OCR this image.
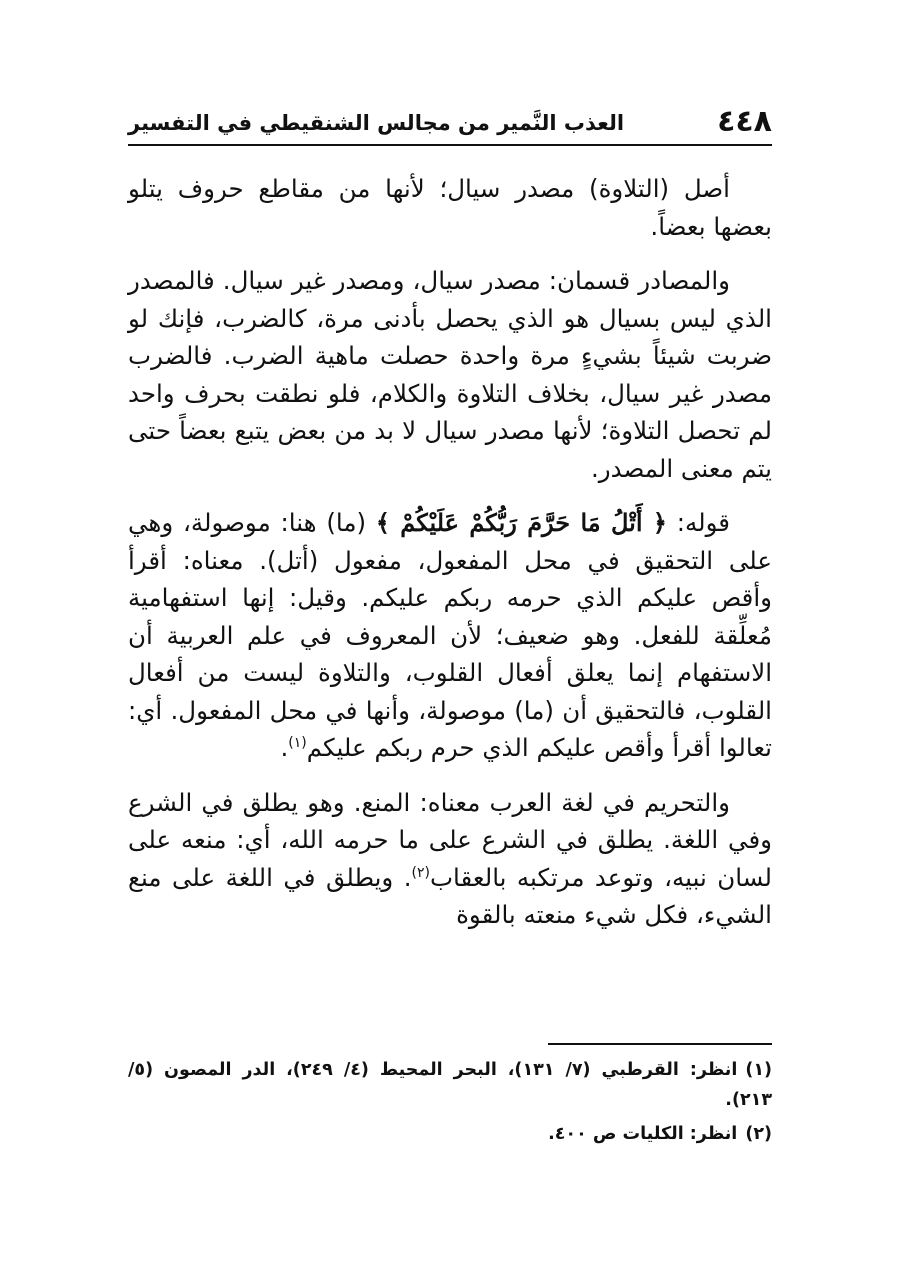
٤٤٨
العذب النَّمير من مجالس الشنقيطي في التفسير

أصل (التلاوة) مصدر سيال؛ لأنها من مقاطع حروف يتلو بعضها بعضاً.

والمصادر قسمان: مصدر سيال، ومصدر غير سيال. فالمصدر الذي ليس بسيال هو الذي يحصل بأدنى مرة، كالضرب، فإنك لو ضربت شيئاً بشيءٍ مرة واحدة حصلت ماهية الضرب. فالضرب مصدر غير سيال، بخلاف التلاوة والكلام، فلو نطقت بحرف واحد لم تحصل التلاوة؛ لأنها مصدر سيال لا بد من بعض يتبع بعضاً حتى يتم معنى المصدر.

قوله: ﴿ أَتْلُ مَا حَرَّمَ رَبُّكُمْ عَلَيْكُمْ ﴾ (ما) هنا: موصولة، وهي على التحقيق في محل المفعول، مفعول (أتل). معناه: أقرأ وأقص عليكم الذي حرمه ربكم عليكم. وقيل: إنها استفهامية مُعلِّقة للفعل. وهو ضعيف؛ لأن المعروف في علم العربية أن الاستفهام إنما يعلق أفعال القلوب، والتلاوة ليست من أفعال القلوب، فالتحقيق أن (ما) موصولة، وأنها في محل المفعول. أي: تعالوا أقرأ وأقص عليكم الذي حرم ربكم عليكم$^{(١)}$.

والتحريم في لغة العرب معناه: المنع. وهو يطلق في الشرع وفي اللغة. يطلق في الشرع على ما حرمه الله، أي: منعه على لسان نبيه، وتوعد مرتكبه بالعقاب$^{(٢)}$. ويطلق في اللغة على منع الشيء، فكل شيء منعته بالقوة

(١)انظر: القرطبي (٧/ ١٣١)، البحر المحيط (٤/ ٢٤٩)، الدر المصون (٥/ ٢١٣).

(٢)انظر: الكليات ص ٤٠٠.
